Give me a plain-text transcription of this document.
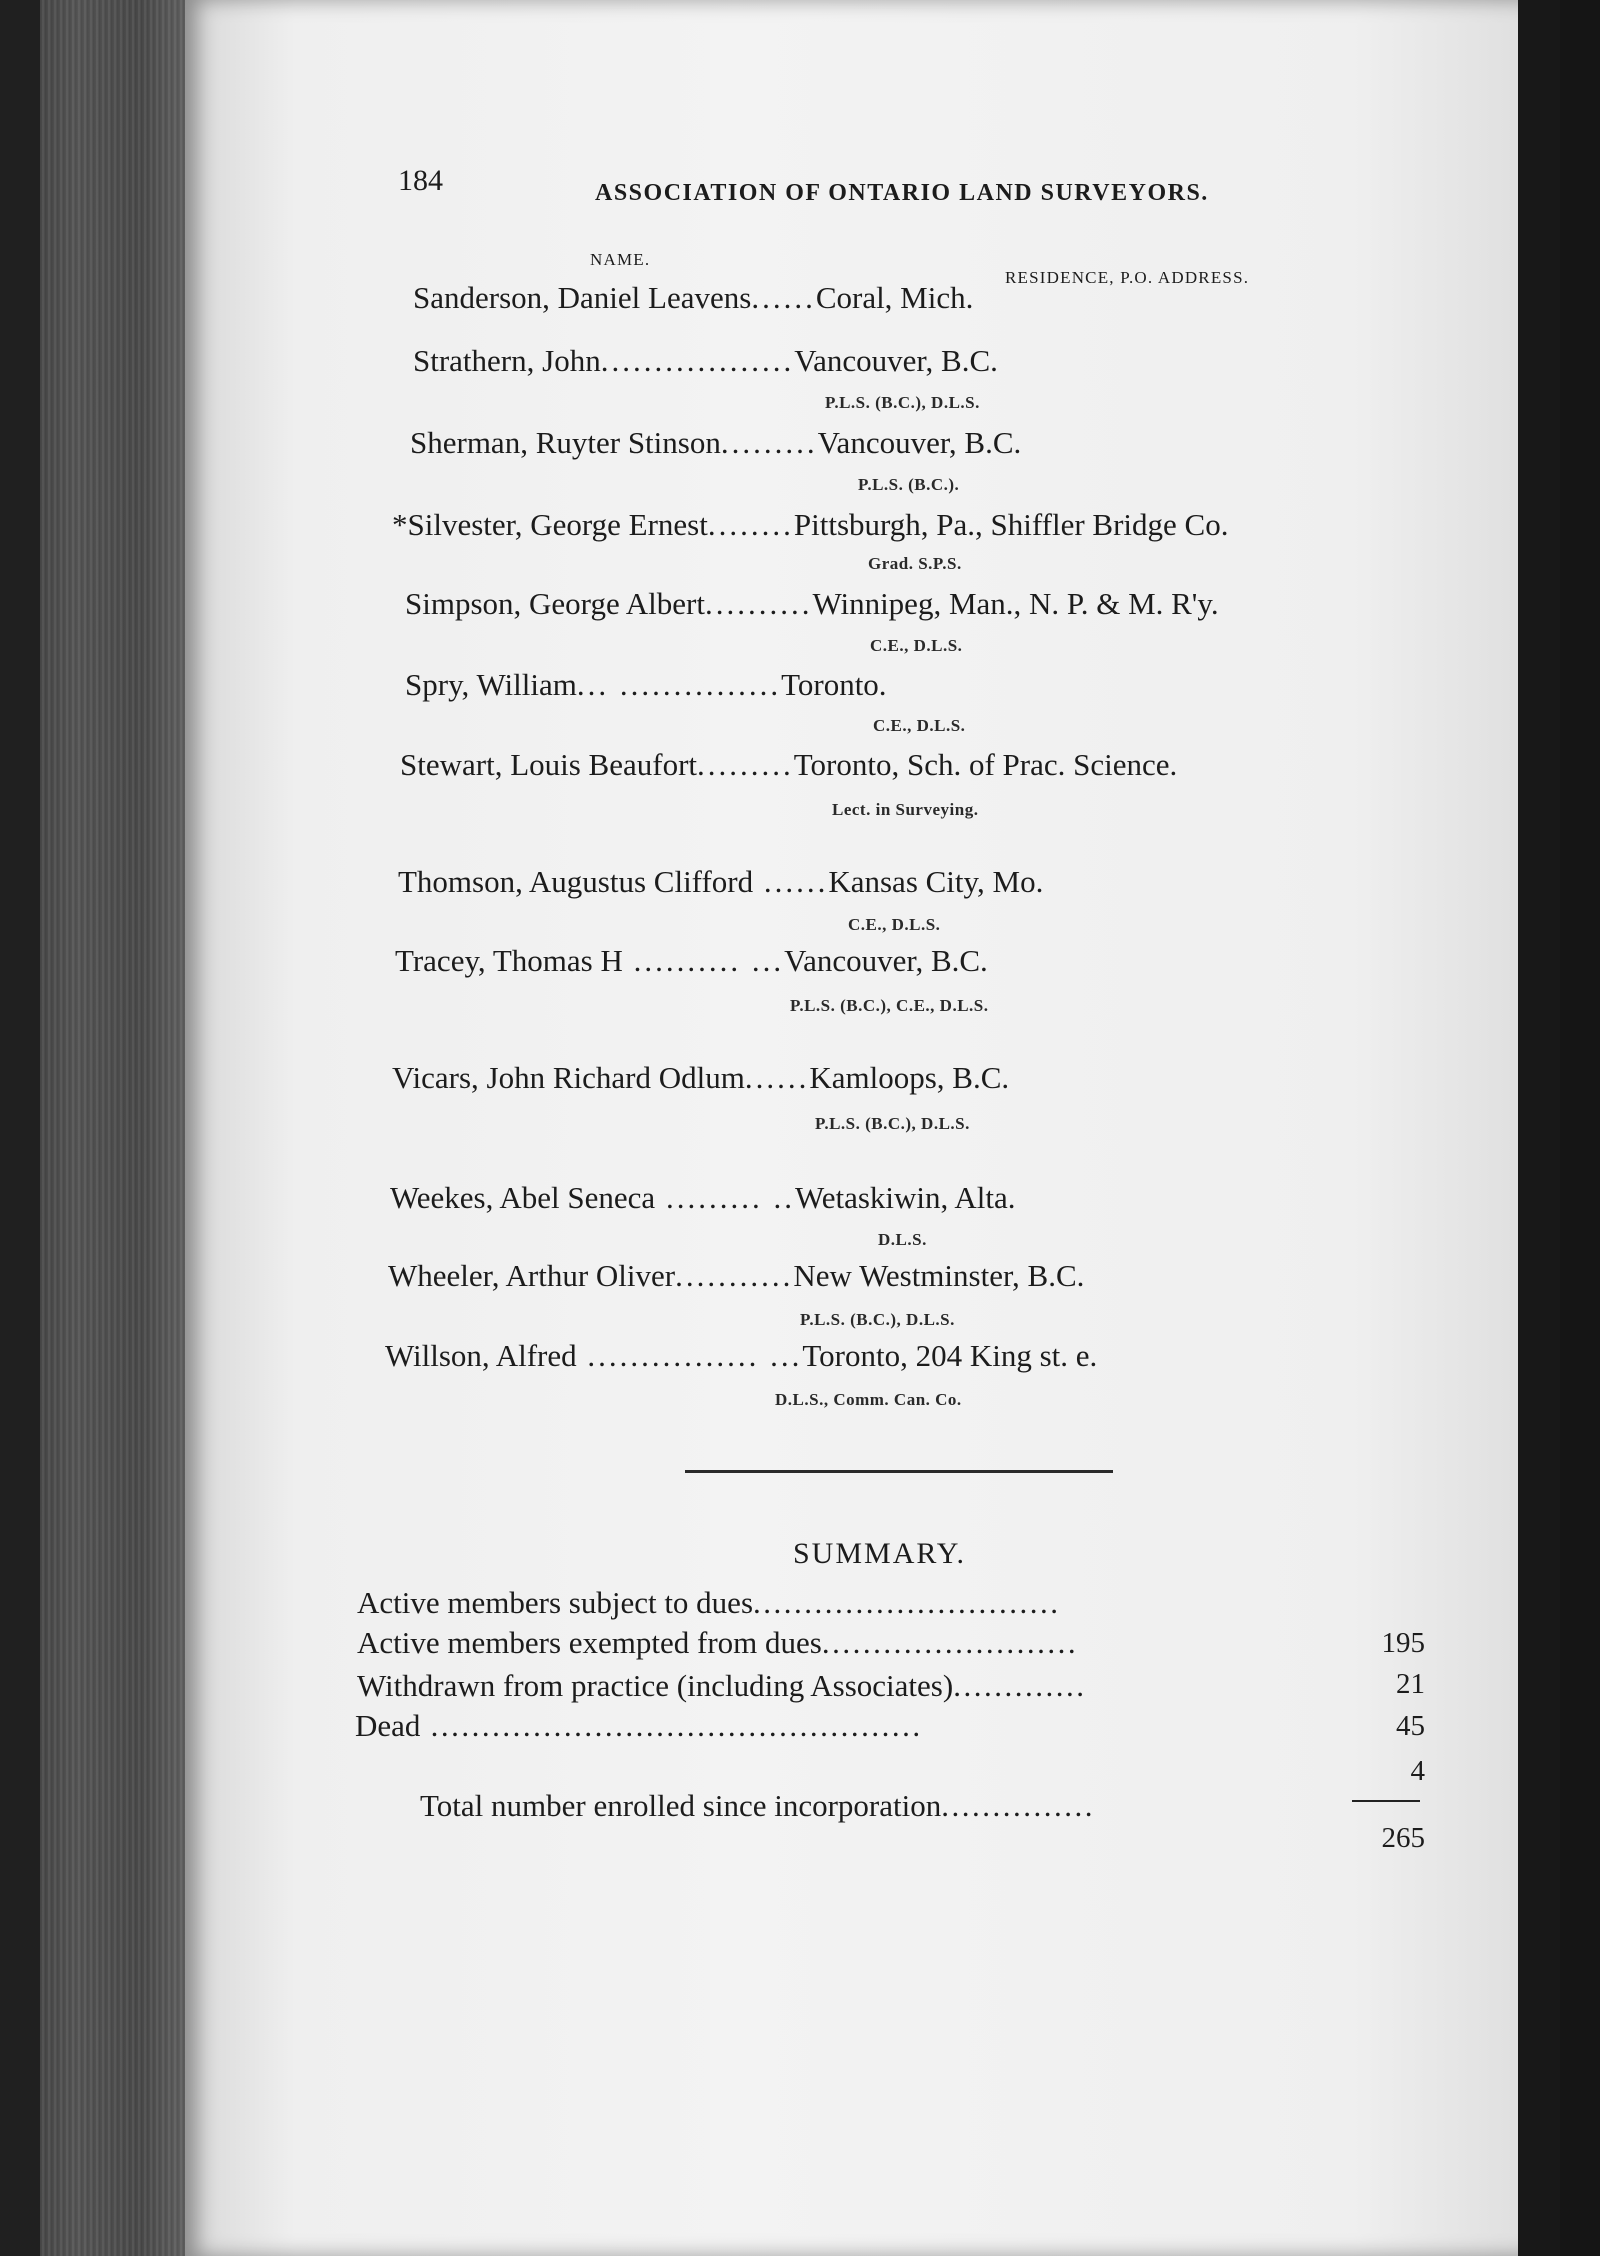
184	ASSOCIATION OF ONTARIO LAND SURVEYORS.
NAME.
RESIDENCE, P.O. ADDRESS.
Sanderson, Daniel Leavens......Coral, Mich.
Strathern, John..................Vancouver, B.C.
P.L.S. (B.C.), D.L.S.
Sherman, Ruyter Stinson.........Vancouver, B.C.
P.L.S. (B.C.).
*Silvester, George Ernest........Pittsburgh, Pa., Shiffler Bridge Co.
Grad. S.P.S.
Simpson, George Albert..........Winnipeg, Man., N. P. & M. R'y.
C.E., D.L.S.
Spry, William... ...............Toronto.
C.E., D.L.S.
Stewart, Louis Beaufort.........Toronto, Sch. of Prac. Science.
Lect. in Surveying.
Thomson, Augustus Clifford ......Kansas City, Mo.
C.E., D.L.S.
Tracey, Thomas H .......... ...Vancouver, B.C.
P.L.S. (B.C.), C.E., D.L.S.
Vicars, John Richard Odlum......Kamloops, B.C.
P.L.S. (B.C.), D.L.S.
Weekes, Abel Seneca ......... ..Wetaskiwin, Alta.
D.L.S.
Wheeler, Arthur Oliver...........New Westminster, B.C.
P.L.S. (B.C.), D.L.S.
Willson, Alfred ................ ...Toronto, 204 King st. e.
D.L.S., Comm. Can. Co.
SUMMARY.
Active members subject to dues..............................
195
Active members exempted from dues.........................
21
Withdrawn from practice (including Associates).............
45
Dead ................................................
4
Total number enrolled since incorporation...............
265
